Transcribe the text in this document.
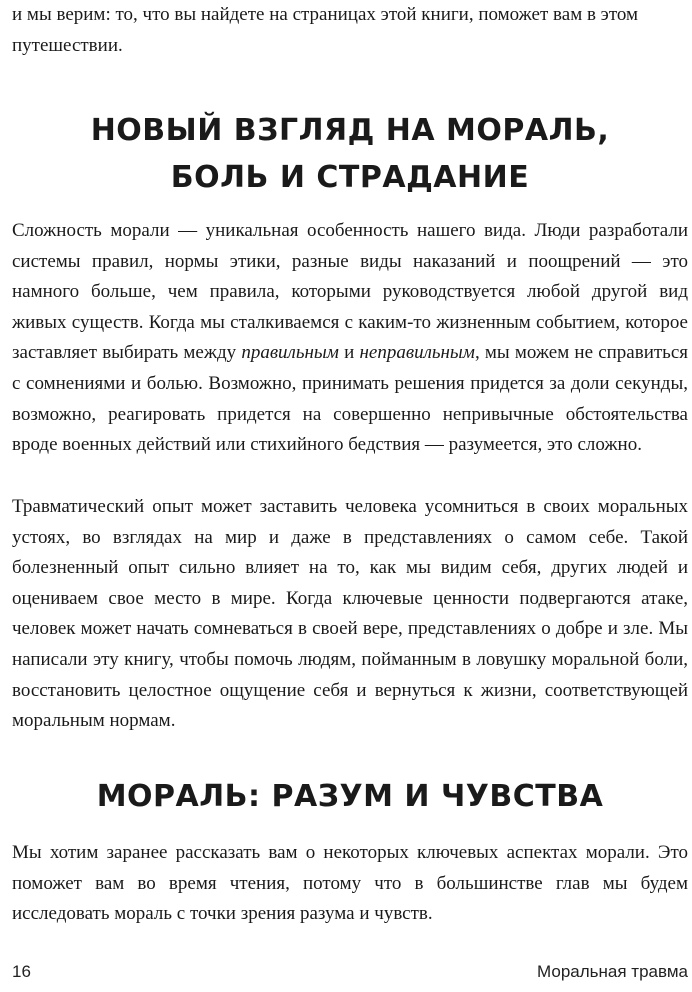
и мы верим: то, что вы найдете на страницах этой книги, поможет вам в этом
путешествии.

НОВЫЙ ВЗГЛЯД НА МОРАЛЬ,
БОЛЬ И СТРАДАНИЕ

Сложность морали — уникальная особенность нашего вида. Люди разработали системы правил, нормы этики, разные виды наказаний и поощрений — это намного больше, чем правила, которыми руководствуется любой другой вид живых существ. Когда мы сталкиваемся с каким-то жизненным событием, которое заставляет выбирать между правильным и неправильным, мы можем не справиться с сомнениями и болью. Возможно, принимать решения придется за доли секунды, возможно, реагировать придется на совершенно непривычные обстоятельства вроде военных действий или стихийного бедствия — разумеется, это сложно.

Травматический опыт может заставить человека усомниться в своих моральных устоях, во взглядах на мир и даже в представлениях о самом себе. Такой болезненный опыт сильно влияет на то, как мы видим себя, других людей и оцениваем свое место в мире. Когда ключевые ценности подвергаются атаке, человек может начать сомневаться в своей вере, представлениях о добре и зле. Мы написали эту книгу, чтобы помочь людям, пойманным в ловушку моральной боли, восстановить целостное ощущение себя и вернуться к жизни, соответствующей моральным нормам.

МОРАЛЬ: РАЗУМ И ЧУВСТВА

Мы хотим заранее рассказать вам о некоторых ключевых аспектах морали. Это поможет вам во время чтения, потому что в большинстве глав мы будем исследовать мораль с точки зрения разума и чувств.

16	Моральная травма
